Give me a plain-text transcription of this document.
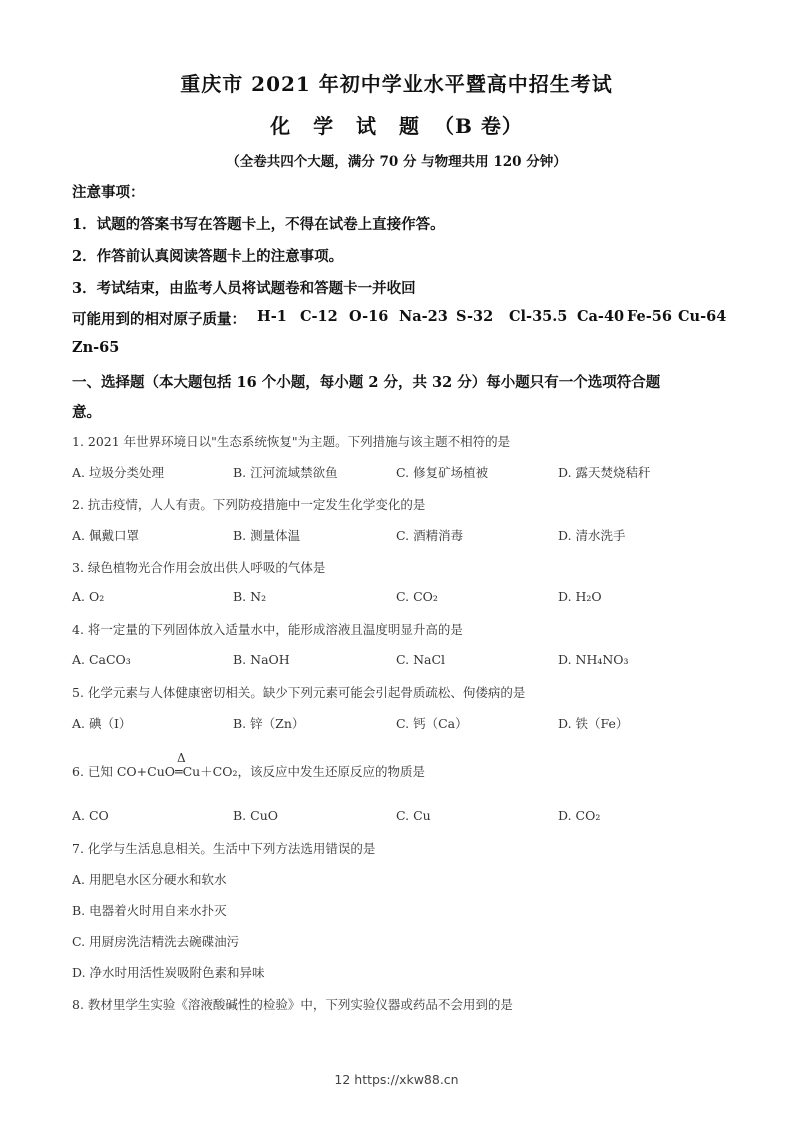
重庆市 2021 年初中学业水平暨高中招生考试
化 学 试 题 （B 卷）
（全卷共四个大题，满分 70 分 与物理共用 120 分钟）
注意事项：
1．试题的答案书写在答题卡上，不得在试卷上直接作答。
2．作答前认真阅读答题卡上的注意事项。
3．考试结束，由监考人员将试题卷和答题卡一并收回
可能用到的相对原子质量： H-1 C-12 O-16 Na-23 S-32 Cl-35.5 Ca-40 Fe-56 Cu-64
Zn-65
一、选择题（本大题包括 16 个小题，每小题 2 分，共 32 分）每小题只有一个选项符合题
意。
1. 2021 年世界环境日以"生态系统恢复"为主题。下列措施与该主题不相符的是
A. 垃圾分类处理	B. 江河流域禁欲鱼	C. 修复矿场植被	D. 露天焚烧秸秆
2. 抗击疫情，人人有责。下列防疫措施中一定发生化学变化的是
A. 佩戴口罩	B. 测量体温	C. 酒精消毒	D. 清水洗手
3. 绿色植物光合作用会放出供人呼吸的气体是
A. O₂	B. N₂	C. CO₂	D. H₂O
4. 将一定量的下列固体放入适量水中，能形成溶液且温度明显升高的是
A. CaCO₃	B. NaOH	C. NaCl	D. NH₄NO₃
5. 化学元素与人体健康密切相关。缺少下列元素可能会引起骨质疏松、佝偻病的是
A. 碘（I）	B. 锌（Zn）	C. 钙（Ca）	D. 铁（Fe）
6. 已知 CO+CuO
Δ
═Cu＋CO₂，该反应中发生还原反应的物质是
A. CO	B. CuO	C. Cu	D. CO₂
7. 化学与生活息息相关。生活中下列方法选用错误的是
A. 用肥皂水区分硬水和软水
B. 电器着火时用自来水扑灭
C. 用厨房洗洁精洗去碗碟油污
D. 净水时用活性炭吸附色素和异味
8. 教材里学生实验《溶液酸碱性的检验》中，下列实验仪器或药品不会用到的是
12 https://xkw88.cn
